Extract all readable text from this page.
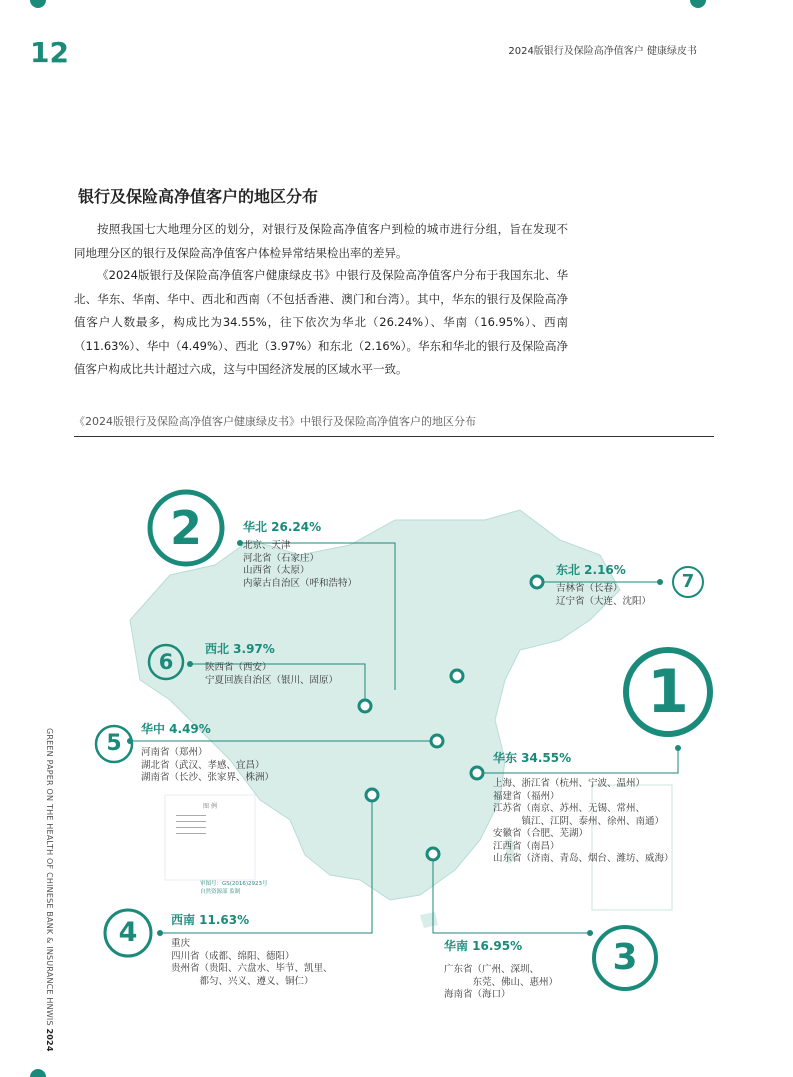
12	2024版银行及保险高净值客户 健康绿皮书
银行及保险高净值客户的地区分布

按照我国七大地理分区的划分，对银行及保险高净值客户到检的城市进行分组，旨在发现不同地理分区的银行及保险高净值客户体检异常结果检出率的差异。

《2024版银行及保险高净值客户健康绿皮书》中银行及保险高净值客户分布于我国东北、华北、华东、华南、华中、西北和西南（不包括香港、澳门和台湾）。其中，华东的银行及保险高净值客户人数最多，构成比为34.55%，往下依次为华北（26.24%）、华南（16.95%）、西南（11.63%）、华中（4.49%）、西北（3.97%）和东北（2.16%）。华东和华北的银行及保险高净值客户构成比共计超过六成，这与中国经济发展的区域水平一致。

《2024版银行及保险高净值客户健康绿皮书》中银行及保险高净值客户的地区分布
GREEN PAPER ON THE HEALTH OF CHINESE BANK & INSURANCE HNWIS 2024
1
2
3
4
5
6
7
图 例
审图号：GS(2016)2923号
自然资源部 监制
华北 26.24%
北京、天津
河北省（石家庄）
山西省（太原）
内蒙古自治区（呼和浩特）
东北 2.16%
吉林省（长春）
辽宁省（大连、沈阳）
西北 3.97%
陕西省（西安）
宁夏回族自治区（银川、固原）
华中 4.49%
河南省（郑州）
湖北省（武汉、孝感、宜昌）
湖南省（长沙、张家界、株洲）
华东 34.55%
上海、浙江省（杭州、宁波、温州）
福建省（福州）
江苏省（南京、苏州、无锡、常州、
　　　镇江、江阴、泰州、徐州、南通）
安徽省（合肥、芜湖）
江西省（南昌）
山东省（济南、青岛、烟台、潍坊、威海）
西南 11.63%
重庆
四川省（成都、绵阳、德阳）
贵州省（贵阳、六盘水、毕节、凯里、
　　　都匀、兴义、遵义、铜仁）
华南 16.95%
广东省（广州、深圳、
　　　东莞、佛山、惠州）
海南省（海口）
